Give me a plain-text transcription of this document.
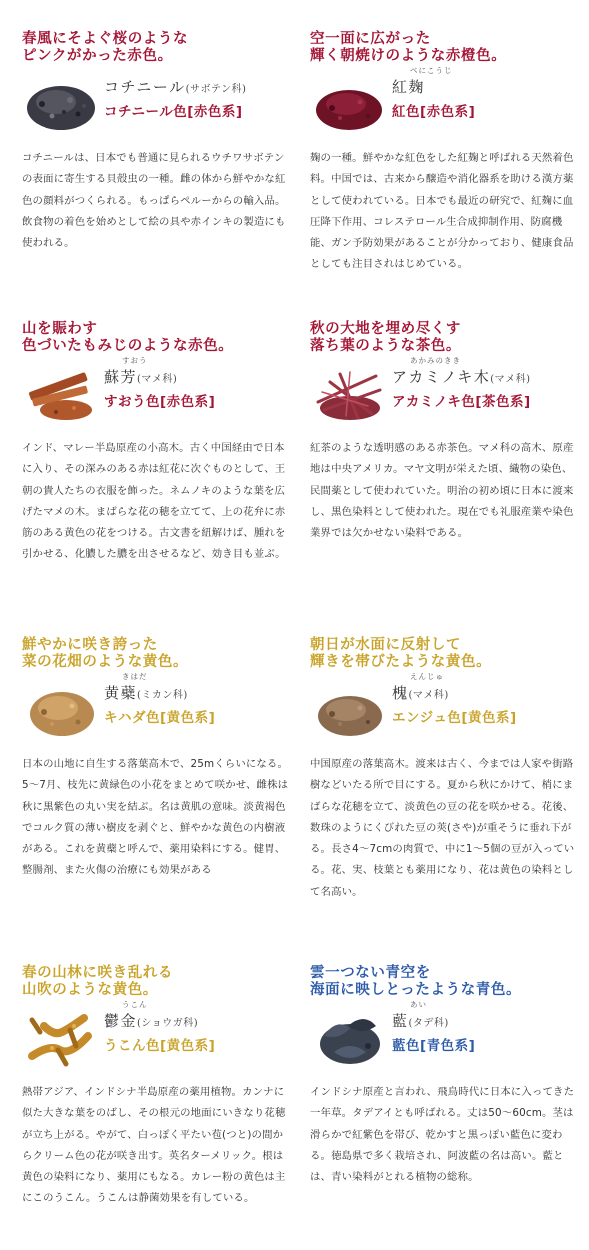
春風にそよぐ桜のような
ピンクがかった赤色。
コチニール(サボテン科)
コチニール色[赤色系]

コチニールは、日本でも普通に見られるウチワサボテンの表面に寄生する貝殻虫の一種。雌の体から鮮やかな紅色の顔料がつくられる。もっぱらペルーからの輸入品。飲食物の着色を始めとして絵の具や赤インキの製造にも使われる。

空一面に広がった
輝く朝焼けのような赤橙色。
べにこうじ
紅麹
紅色[赤色系]

麹の一種。鮮やかな紅色をした紅麹と呼ばれる天然着色料。中国では、古来から醸造や消化器系を助ける漢方薬として使われている。日本でも最近の研究で、紅麹に血圧降下作用、コレステロール生合成抑制作用、防腐機能、ガン予防効果があることが分かっており、健康食品としても注目されはじめている。

山を賑わす
色づいたもみじのような赤色。
すおう
蘇芳(マメ科)
すおう色[赤色系]

インド、マレー半島原産の小高木。古く中国経由で日本に入り、その深みのある赤は紅花に次ぐものとして、王朝の貴人たちの衣服を飾った。ネムノキのような葉を広げたマメの木。まばらな花の穂を立てて、上の花弁に赤筋のある黄色の花をつける。古文書を紐解けば、腫れを引かせる、化膿した膿を出させるなど、効き目も並ぶ。

秋の大地を埋め尽くす
落ち葉のような茶色。
あかみのきき
アカミノキ木(マメ科)
アカミノキ色[茶色系]

紅茶のような透明感のある赤茶色。マメ科の高木、原産地は中央アメリカ。マヤ文明が栄えた頃、織物の染色、民間薬として使われていた。明治の初め頃に日本に渡来し、黒色染料として使われた。現在でも礼服産業や染色業界では欠かせない染料である。

鮮やかに咲き誇った
菜の花畑のような黄色。
きはだ
黄蘗(ミカン科)
キハダ色[黄色系]

日本の山地に自生する落葉高木で、25mくらいになる。5〜7月、枝先に黄緑色の小花をまとめて咲かせ、雌株は秋に黒紫色の丸い実を結ぶ。名は黄肌の意味。淡黄褐色でコルク質の薄い樹皮を剥ぐと、鮮やかな黄色の内樹液がある。これを黄蘗と呼んで、薬用染料にする。健胃、整腸剤、また火傷の治療にも効果がある

朝日が水面に反射して
輝きを帯びたような黄色。
えんじゅ
槐(マメ科)
エンジュ色[黄色系]

中国原産の落葉高木。渡来は古く、今までは人家や街路樹などいたる所で目にする。夏から秋にかけて、梢にまばらな花穂を立て、淡黄色の豆の花を咲かせる。花後、数珠のようにくびれた豆の莢(さや)が重そうに垂れ下がる。長さ4〜7cmの肉質で、中に1〜5個の豆が入っている。花、実、枝葉とも薬用になり、花は黄色の染料として名高い。

春の山林に咲き乱れる
山吹のような黄色。
うこん
鬱金(ショウガ科)
うこん色[黄色系]

熱帯アジア、インドシナ半島原産の薬用植物。カンナに似た大きな葉をのばし、その根元の地面にいきなり花穂が立ち上がる。やがて、白っぽく平たい苞(つと)の間からクリーム色の花が咲き出す。英名ターメリック。根は黄色の染料になり、薬用にもなる。カレー粉の黄色は主にこのうこん。うこんは静菌効果を有している。

雲一つない青空を
海面に映しとったような青色。
あい
藍(タデ科)
藍色[青色系]

インドシナ原産と言われ、飛鳥時代に日本に入ってきた一年草。タデアイとも呼ばれる。丈は50〜60cm。茎は滑らかで紅紫色を帯び、乾かすと黒っぽい藍色に変わる。徳島県で多く栽培され、阿波藍の名は高い。藍とは、青い染料がとれる植物の総称。
